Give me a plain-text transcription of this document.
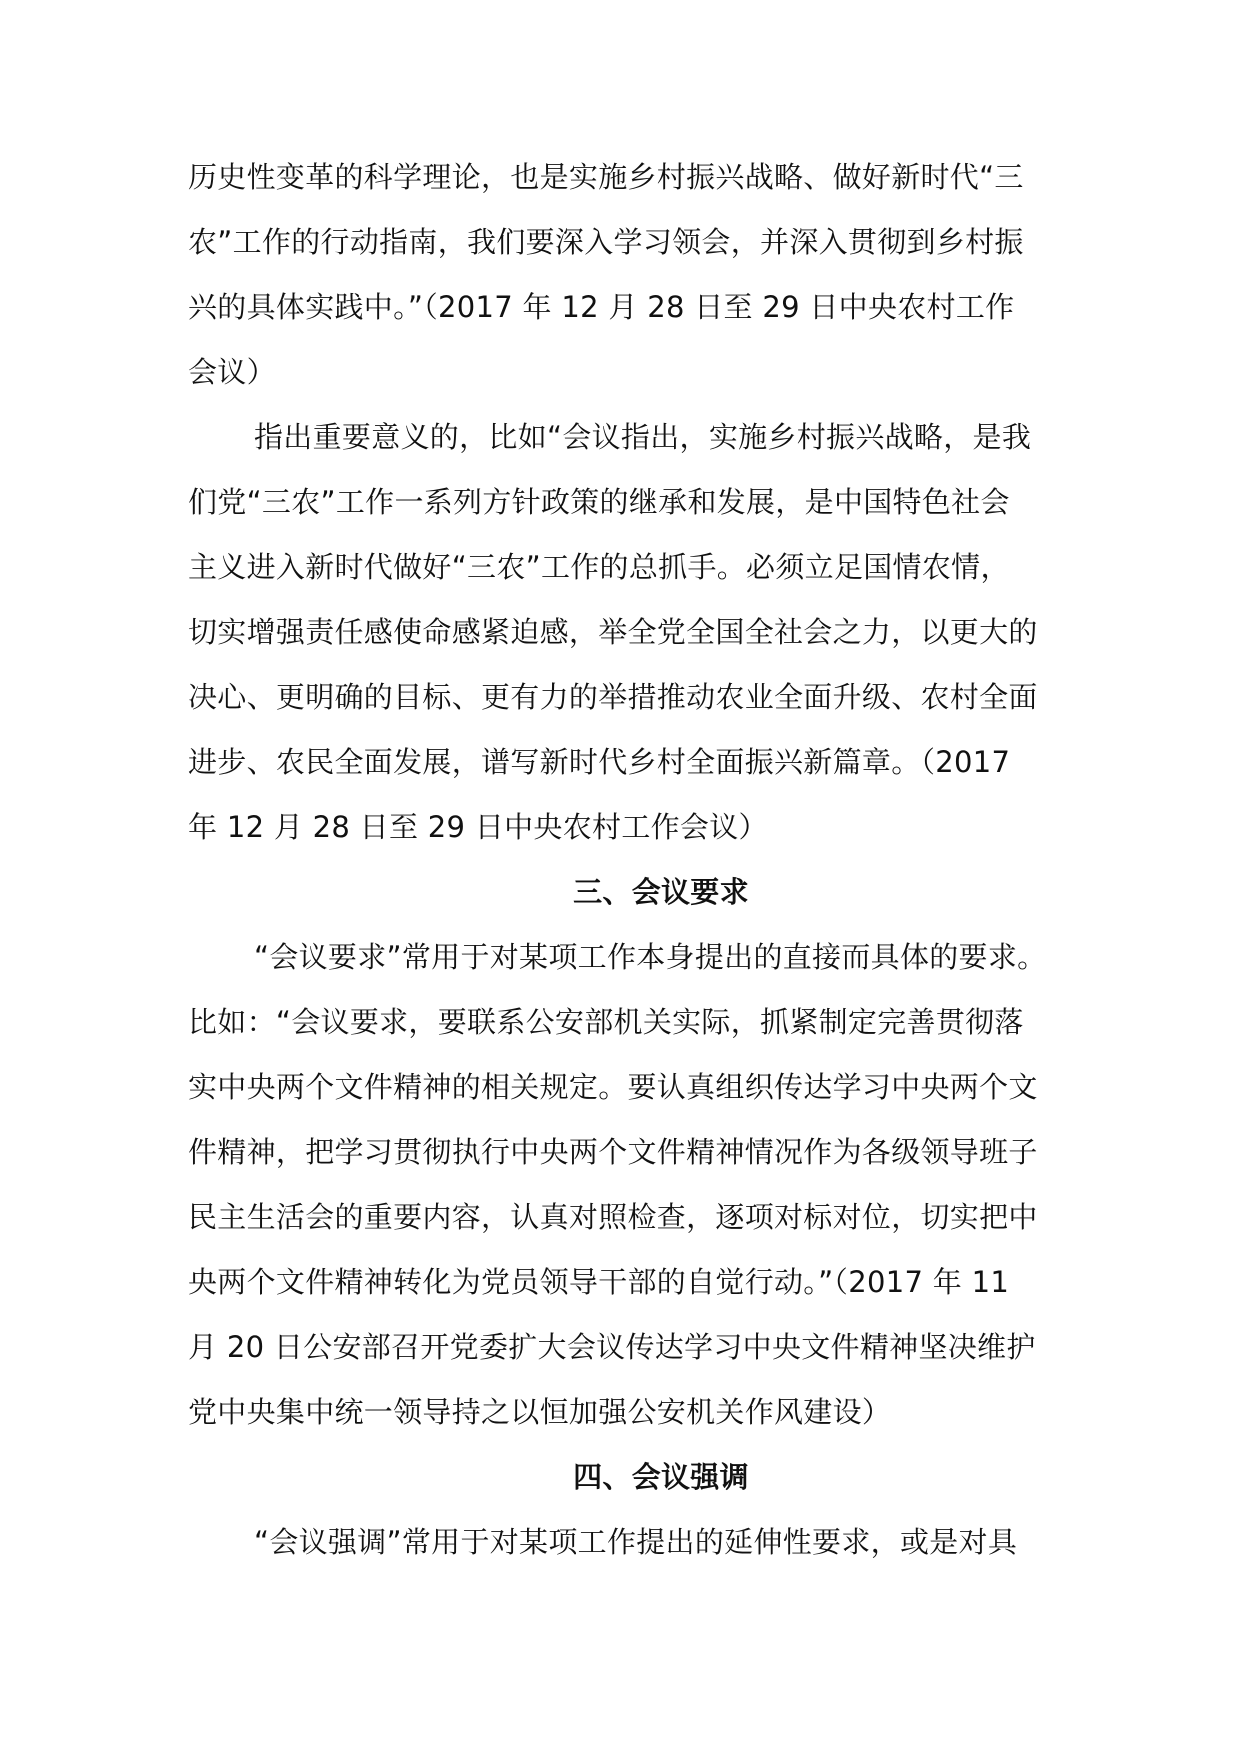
历史性变革的科学理论，也是实施乡村振兴战略、做好新时代“三
农”工作的行动指南，我们要深入学习领会，并深入贯彻到乡村振
兴的具体实践中。”（2017 年 12 月 28 日至 29 日中央农村工作
会议）
指出重要意义的，比如“会议指出，实施乡村振兴战略，是我
们党“三农”工作一系列方针政策的继承和发展，是中国特色社会
主义进入新时代做好“三农”工作的总抓手。必须立足国情农情，
切实增强责任感使命感紧迫感，举全党全国全社会之力，以更大的
决心、更明确的目标、更有力的举措推动农业全面升级、农村全面
进步、农民全面发展，谱写新时代乡村全面振兴新篇章。（2017
年 12 月 28 日至 29 日中央农村工作会议）
三、会议要求
“会议要求”常用于对某项工作本身提出的直接而具体的要求。
比如：“会议要求，要联系公安部机关实际，抓紧制定完善贯彻落
实中央两个文件精神的相关规定。要认真组织传达学习中央两个文
件精神，把学习贯彻执行中央两个文件精神情况作为各级领导班子
民主生活会的重要内容，认真对照检查，逐项对标对位，切实把中
央两个文件精神转化为党员领导干部的自觉行动。”（2017 年 11
月 20 日公安部召开党委扩大会议传达学习中央文件精神坚决维护
党中央集中统一领导持之以恒加强公安机关作风建设）
四、会议强调
“会议强调”常用于对某项工作提出的延伸性要求，或是对具
